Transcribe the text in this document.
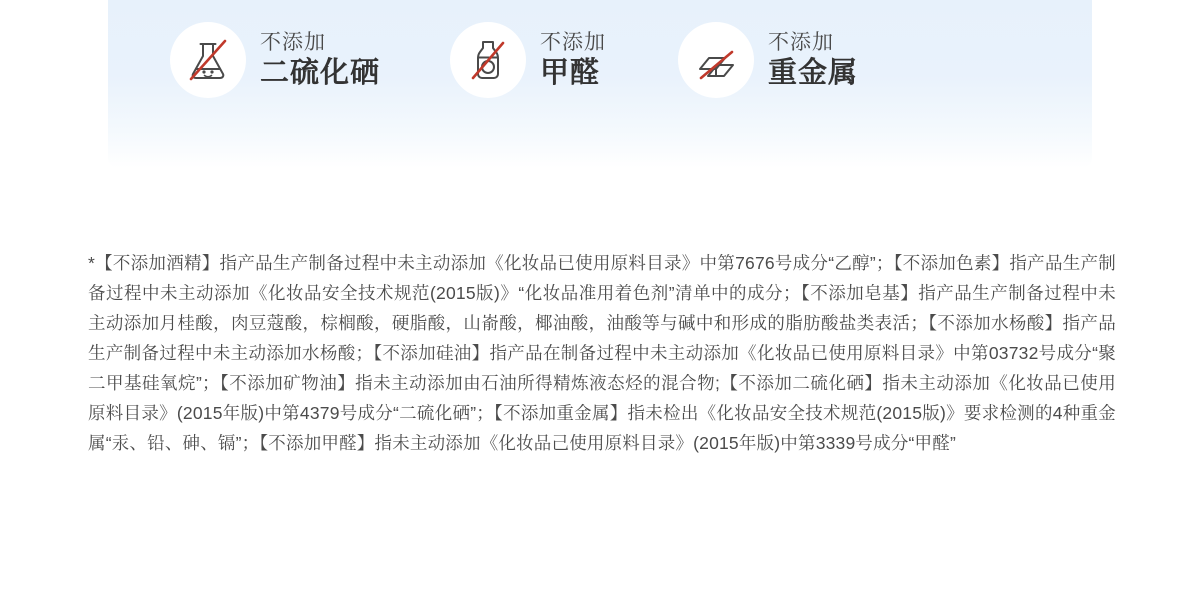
不添加
二硫化硒
不添加
甲醛
不添加
重金属
*【不添加酒精】指产品生产制备过程中未主动添加《化妆品已使用原料目录》中第7676号成分“乙醇”；【不添加色素】指产品生产制备过程中未主动添加《化妆品安全技术规范(2015版)》“化妆品准用着色剂”清单中的成分；【不添加皂基】指产品生产制备过程中未主动添加月桂酸，肉豆蔻酸，棕榈酸，硬脂酸，山嵛酸，椰油酸，油酸等与碱中和形成的脂肪酸盐类表活；【不添加水杨酸】指产品生产制备过程中未主动添加水杨酸；【不添加硅油】指产品在制备过程中未主动添加《化妆品已使用原料目录》中第03732号成分“聚二甲基硅氧烷”；【不添加矿物油】指未主动添加由石油所得精炼液态烃的混合物;【不添加二硫化硒】指未主动添加《化妆品已使用原料目录》(2015年版)中第4379号成分“二硫化硒”；【不添加重金属】指未检出《化妆品安全技术规范(2015版)》要求检测的4种重金属“汞、铅、砷、镉”；【不添加甲醛】指未主动添加《化妆品己使用原料目录》(2015年版)中第3339号成分“甲醛”
